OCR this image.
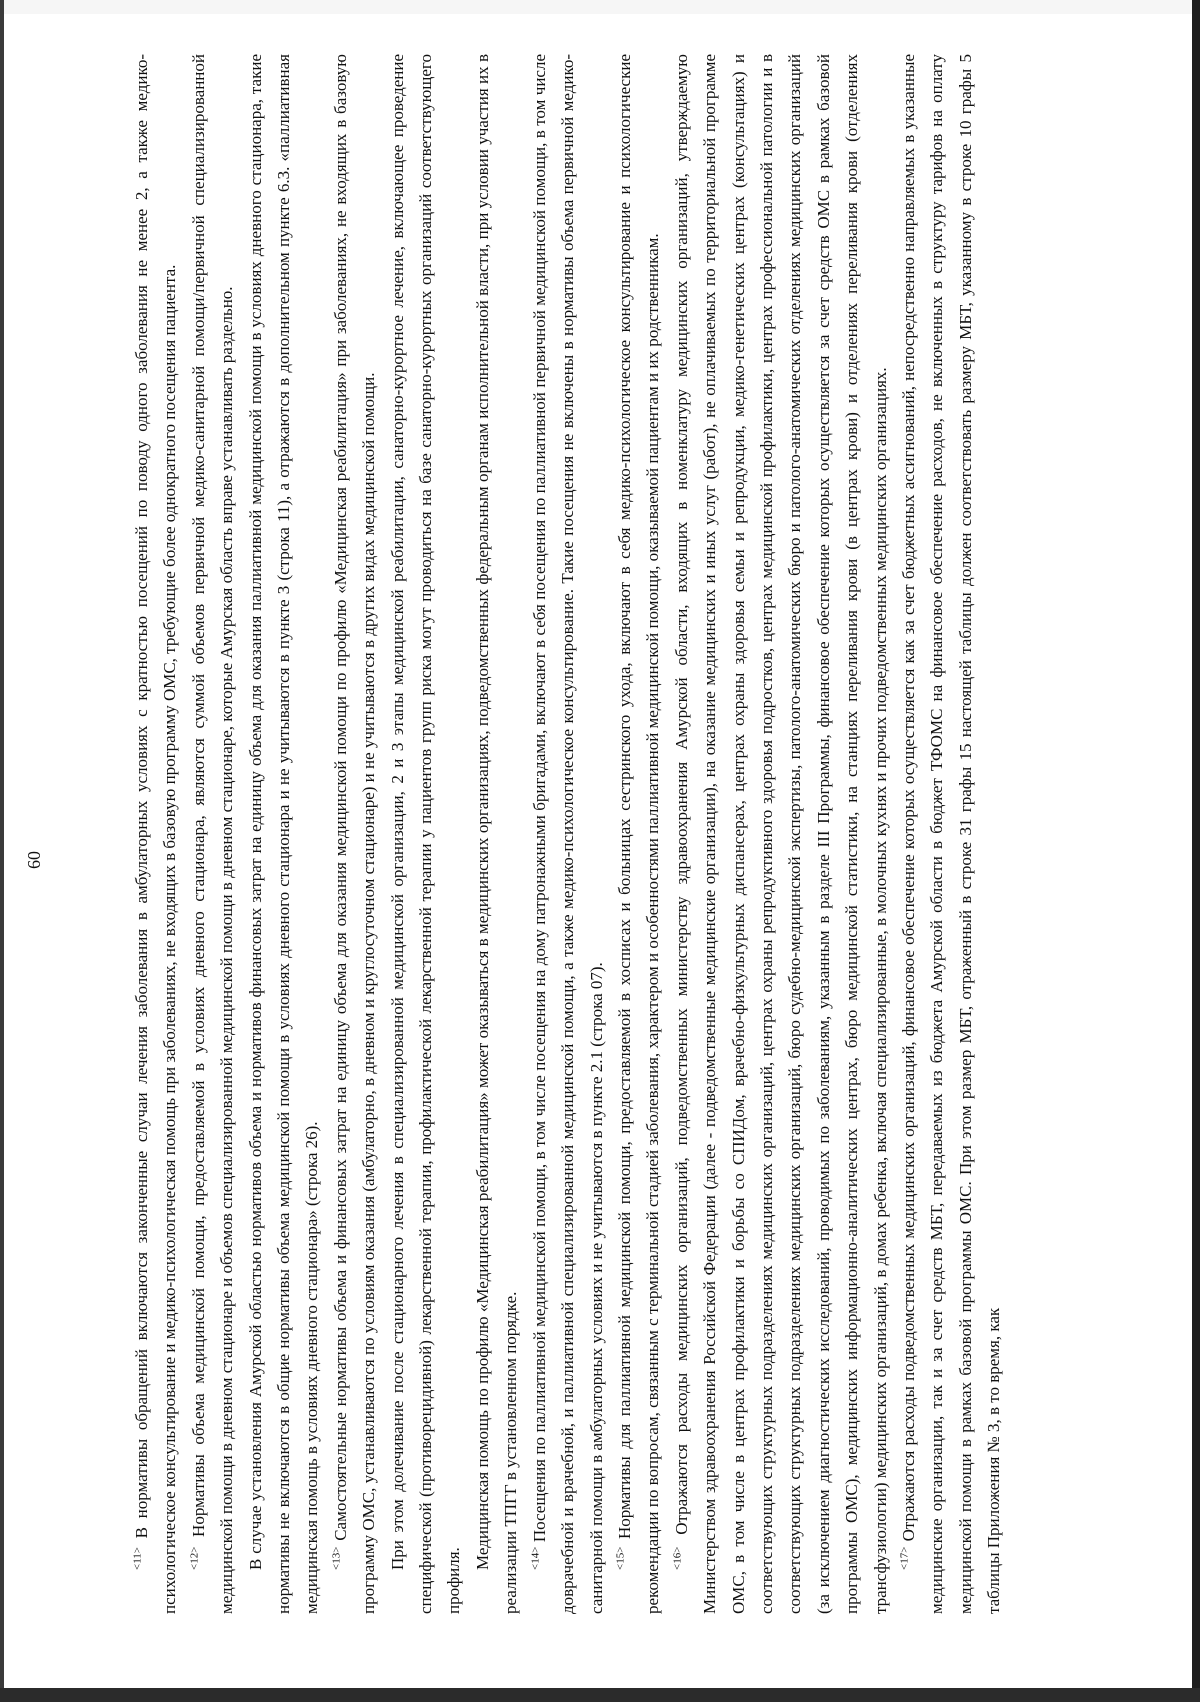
60

$^{<11>}$ В нормативы обращений включаются законченные случаи лечения заболевания в амбулаторных условиях с кратностью посещений по поводу одного заболевания не менее 2, а также медико-психологическое консультирование и медико-психологическая помощь при заболеваниях, не входящих в базовую программу ОМС, требующие более однократного посещения пациента. $^{<12>}$ Нормативы объема медицинской помощи, предоставляемой в условиях дневного стационара, являются суммой объемов первичной медико-санитарной помощи/первичной специализированной медицинской помощи в дневном стационаре и объемов специализированной медицинской помощи в дневном стационаре, которые Амурская область вправе устанавливать раздельно. В случае установления Амурской областью нормативов объема и нормативов финансовых затрат на единицу объема для оказания паллиативной медицинской помощи в условиях дневного стационара, такие нормативы не включаются в общие нормативы объема медицинской помощи в условиях дневного стационара и не учитываются в пункте 3 (строка 11), а отражаются в дополнительном пункте 6.3. «паллиативная медицинская помощь в условиях дневного стационара» (строка 26). $^{<13>}$ Самостоятельные нормативы объема и финансовых затрат на единицу объема для оказания медицинской помощи по профилю «Медицинская реабилитация» при заболеваниях, не входящих в базовую программу ОМС, устанавливаются по условиям оказания (амбулаторно, в дневном и круглосуточном стационаре) и не учитываются в других видах медицинской помощи. При этом долечивание после стационарного лечения в специализированной медицинской организации, 2 и 3 этапы медицинской реабилитации, санаторно-курортное лечение, включающее проведение специфической (противорецидивной) лекарственной терапии, профилактической лекарственной терапии у пациентов групп риска могут проводиться на базе санаторно-курортных организаций соответствующего профиля.

Медицинская помощь по профилю «Медицинская реабилитация» может оказываться в медицинских организациях, подведомственных федеральным органам исполнительной власти, при условии участия их в реализации ТПГГ в установленном порядке. $^{<14>}$ Посещения по паллиативной медицинской помощи, в том числе посещения на дому патронажными бригадами, включают в себя посещения по паллиативной первичной медицинской помощи, в том числе доврачебной и врачебной, и паллиативной специализированной медицинской помощи, а также медико-психологическое консультирование. Такие посещения не включены в нормативы объема первичной медико-санитарной помощи в амбулаторных условиях и не учитываются в пункте 2.1 (строка 07). $^{<15>}$ Нормативы для паллиативной медицинской помощи, предоставляемой в хосписах и больницах сестринского ухода, включают в себя медико-психологическое консультирование и психологические рекомендации по вопросам, связанным с терминальной стадией заболевания, характером и особенностями паллиативной медицинской помощи, оказываемой пациентам и их родственникам. $^{<16>}$ Отражаются расходы медицинских организаций, подведомственных министерству здравоохранения Амурской области, входящих в номенклатуру медицинских организаций, утверждаемую Министерством здравоохранения Российской Федерации (далее - подведомственные медицинские организации), на оказание медицинских и иных услуг (работ), не оплачиваемых по территориальной программе ОМС, в том числе в центрах профилактики и борьбы со СПИДом, врачебно-физкультурных диспансерах, центрах охраны здоровья семьи и репродукции, медико-генетических центрах (консультациях) и соответствующих структурных подразделениях медицинских организаций, центрах охраны репродуктивного здоровья подростков, центрах медицинской профилактики, центрах профессиональной патологии и в соответствующих структурных подразделениях медицинских организаций, бюро судебно-медицинской экспертизы, патолого-анатомических бюро и патолого-анатомических отделениях медицинских организаций (за исключением диагностических исследований, проводимых по заболеваниям, указанным в разделе III Программы, финансовое обеспечение которых осуществляется за счет средств ОМС в рамках базовой программы ОМС), медицинских информационно-аналитических центрах, бюро медицинской статистики, на станциях переливания крови (в центрах крови) и отделениях переливания крови (отделениях трансфузиологии) медицинских организаций, в домах ребенка, включая специализированные, в молочных кухнях и прочих подведомственных медицинских организациях. $^{<17>}$ Отражаются расходы подведомственных медицинских организаций, финансовое обеспечение которых осуществляется как за счет бюджетных ассигнований, непосредственно направляемых в указанные медицинские организации, так и за счет средств МБТ, передаваемых из бюджета Амурской области в бюджет ТФОМС на финансовое обеспечение расходов, не включенных в структуру тарифов на оплату медицинской помощи в рамках базовой программы ОМС. При этом размер МБТ, отраженный в строке 31 графы 15 настоящей таблицы должен соответствовать размеру МБТ, указанному в строке 10 графы 5 таблицы Приложения № 3, в то время, как
